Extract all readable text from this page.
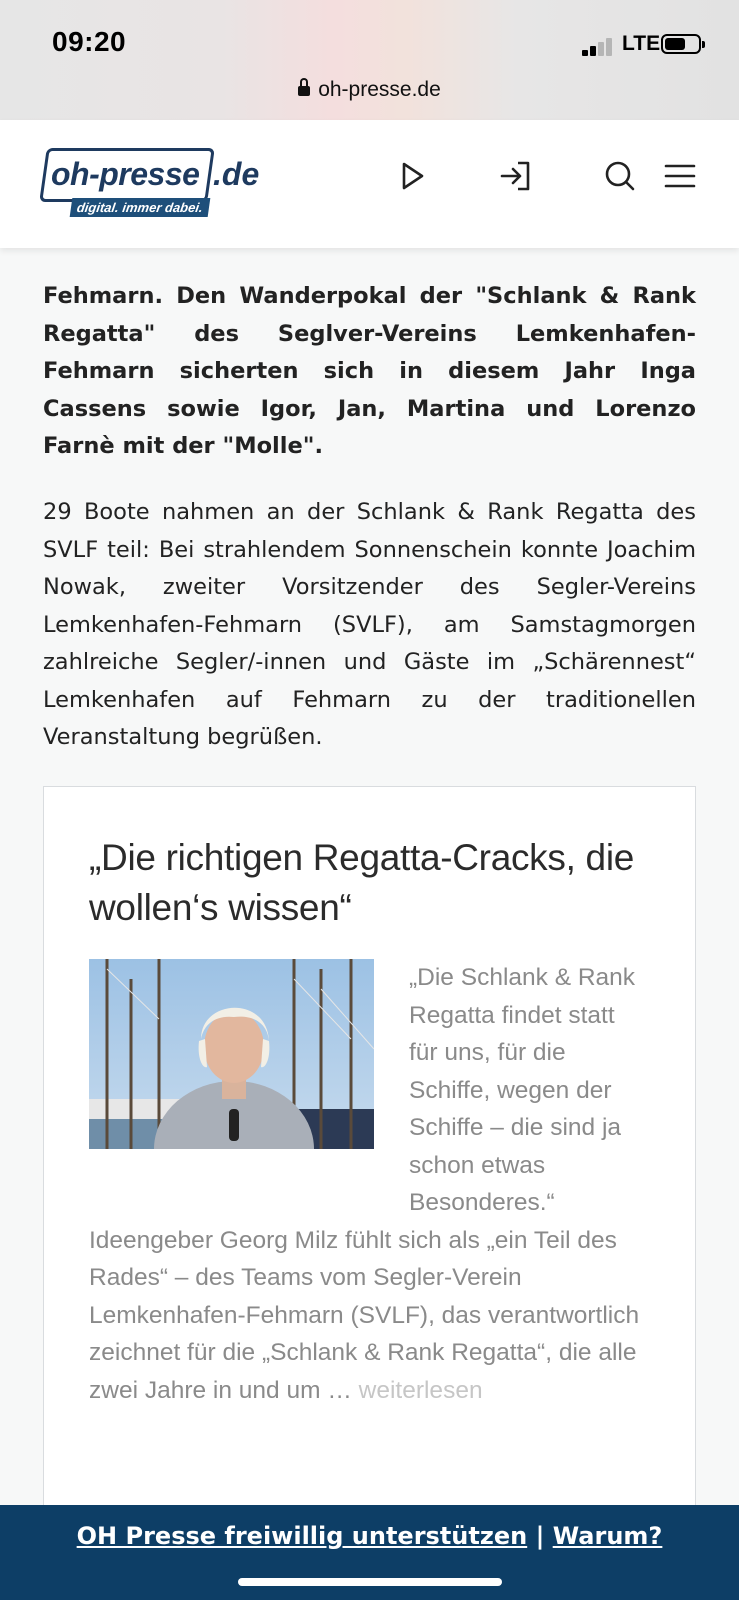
09:20	LTE
oh-presse.de
oh-presse .de
digital. immer dabei.

Fehmarn. Den Wanderpokal der "Schlank & Rank Regatta" des Seglver-Vereins Lemkenhafen-Fehmarn sicherten sich in diesem Jahr Inga Cassens sowie Igor, Jan, Martina und Lorenzo Farnè mit der "Molle".

29 Boote nahmen an der Schlank & Rank Regatta des SVLF teil: Bei strahlendem Sonnenschein konnte Joachim Nowak, zweiter Vorsitzender des Segler-Vereins Lemkenhafen-Fehmarn (SVLF), am Samstagmorgen zahlreiche Segler/-innen und Gäste im „Schärennest“ Lemkenhafen auf Fehmarn zu der traditionellen Veranstaltung begrüßen.

„Die richtigen Regatta-Cracks, die wollen‘s wissen“

„Die Schlank & Rank Regatta findet statt für uns, für die Schiffe, wegen der Schiffe – die sind ja schon etwas Besonderes.“ Ideengeber Georg Milz fühlt sich als „ein Teil des Rades“ – des Teams vom Segler-Verein Lemkenhafen-Fehmarn (SVLF), das verantwortlich zeichnet für die „Schlank & Rank Regatta“, die alle zwei Jahre in und um … weiterlesen

OH Presse freiwillig unterstützen | Warum?
